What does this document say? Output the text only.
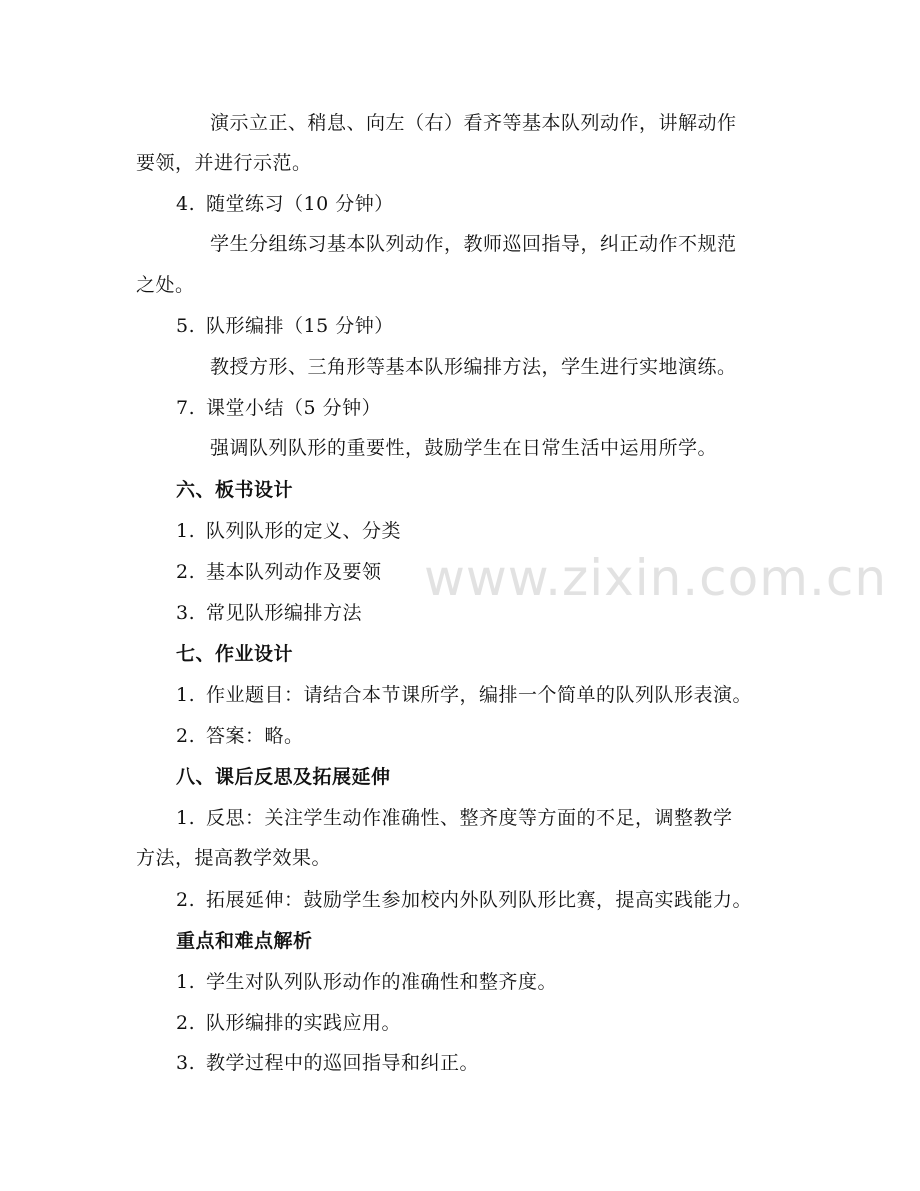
www.zixin.com.cn
演示立正、稍息、向左（右）看齐等基本队列动作，讲解动作
要领，并进行示范。
4. 随堂练习（10 分钟）
学生分组练习基本队列动作，教师巡回指导，纠正动作不规范
之处。
5. 队形编排（15 分钟）
教授方形、三角形等基本队形编排方法，学生进行实地演练。
7. 课堂小结（5 分钟）
强调队列队形的重要性，鼓励学生在日常生活中运用所学。
六、板书设计
1. 队列队形的定义、分类
2. 基本队列动作及要领
3. 常见队形编排方法
七、作业设计
1. 作业题目：请结合本节课所学，编排一个简单的队列队形表演。
2. 答案：略。
八、课后反思及拓展延伸
1. 反思：关注学生动作准确性、整齐度等方面的不足，调整教学
方法，提高教学效果。
2. 拓展延伸：鼓励学生参加校内外队列队形比赛，提高实践能力。
重点和难点解析
1. 学生对队列队形动作的准确性和整齐度。
2. 队形编排的实践应用。
3. 教学过程中的巡回指导和纠正。
